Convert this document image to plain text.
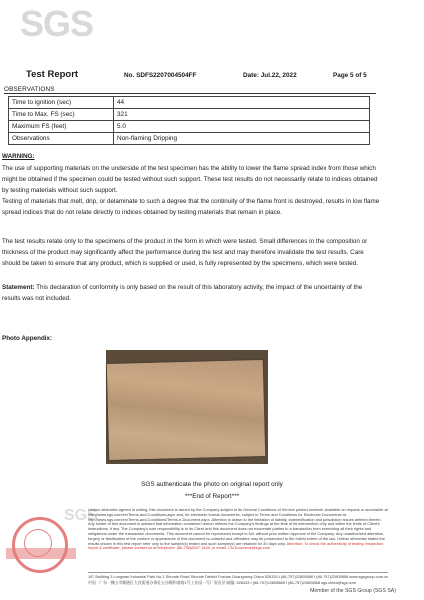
SGS
Test Report	No. SDFS2207004504FF	Date: Jul.22, 2022	Page 5 of 5
OBSERVATIONS
Time to ignition (sec)	44
Time to Max. FS (sec)	321
Maximum FS (feet)	5.0
Observations	Non-flaming Dripping
WARNING:
The use of supporting materials on the underside of the test specimen has the ability to lower the flame spread index from those which might be obtained if the specimen could be tested without such support. These test results do not necessarily relate to indices obtained by testing materials without such support.
Testing of materials that melt, drip, or delaminate to such a degree that the continuity of the flame front is destroyed, results in low flame spread indices that do not relate directly to indices obtained by testing materials that remain in place.
The test results relate only to the specimens of the product in the form in which were tested. Small differences in the composition or thickness of the product may significantly affect the performance during the test and may therefore invalidate the test results. Care should be taken to ensure that any product, which is supplied or used, is fully represented by the specimens, which were tested.
Statement: This declaration of conformity is only based on the result of this laboratory activity, the impact of the uncertainty of the results was not included.
Photo Appendix:
SGS authenticate the photo on original report only
***End of Report***
SGS
Unless otherwise agreed in writing, this document is issued by the Company subject to its General Conditions of Service printed overleaf, available on request or accessible at http://www.sgs.com/en/Terms-and-Conditions.aspx and, for electronic format documents, subject to Terms and Conditions for Electronic Documents at http://www.sgs.com/en/Terms-and-Conditions/Terms-e-Document.aspx. Attention is drawn to the limitation of liability, indemnification and jurisdiction issues defined therein. Any holder of this document is advised that information contained hereon reflects the Company's findings at the time of its intervention only and within the limits of Client's instructions, if any. The Company's sole responsibility is to its Client and this document does not exonerate parties to a transaction from exercising all their rights and obligations under the transaction documents. This document cannot be reproduced except in full, without prior written approval of the Company. Any unauthorized alteration, forgery or falsification of the content or appearance of this document is unlawful and offenders may be prosecuted to the fullest extent of the law. Unless otherwise stated the results shown in this test report refer only to the sample(s) tested and such sample(s) are retained for 30 days only. Attention: To check the authenticity of testing /inspection report & certificate, please contact us at telephone: (86-755)8307 1443, or email: CN.Doccheck@sgs.com
1/F, Building 3 Longwan Industrial Park No.1 Shunde Road Shunde District Foshan Guangdong China 528333 t (86-757)22805888 f (86-757)22805858 www.sgsgroup.com.cn
中国 · 广东 · 佛山市顺德区大良街道办事处五沙顺和南路1号工业园一号厂房首层 邮编: 528333 t (86-757)22805888 f (86-757)22805858 sgs.china@sgs.com
Member of the SGS Group (SGS SA)
